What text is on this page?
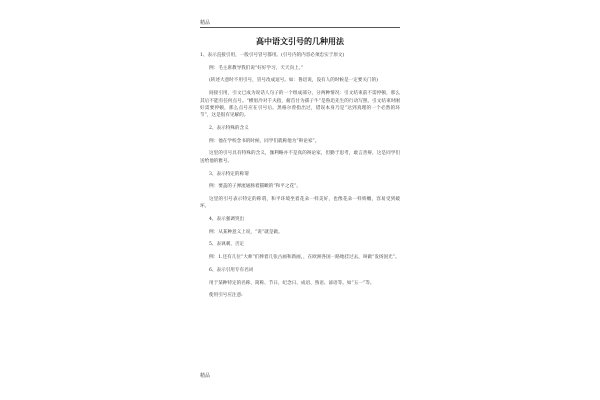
精品
高中语文引号的几种用法
1、表示直接引用，一般引号冒号都用。(引号内的内容必须忠实于原文)
例：毛主席教导我们说“好好学习，天天向上。”
(转述大意时不用引号，冒号改成逗号。如：鲁迅说，没有人的时候是一定要关门的)
间接引用，引文已成为说话人句子的一个组成部分，分两种情况：引文结束前不需停顿，那么其后不能有任何点号。“横眉冷对千夫指，俯首甘为孺子牛”是鲁迅先生的行动写照。引文结束时刚好需要停顿，那么点号应在引号后。黑格尔曾指出过，错误本身乃是“达到真理的一个必然的环节”，这是很有见解的。
2、表示特殊的含义
例：他在学校念书的时候，同学们就称他为“辩论家”。
这里的引号具有特殊的含义，伽利略并不是真的辩论家，但勤于思考，敢言善辩，这是同学们送给他的雅号。
3、表示特定的称谓
例：要盖的子弹流通肠着猫瞰的“和平之花”。
这里的引号表示特定的称谓，和平环境坐着花朵一样美好，也像花朵一样娇嫩，容易受到破坏。
4、表示强调突出
例：从某种意义上说，“说”就是做。
5、表讽刺、否定
例：1.还有几位“大师”们捧着几张古画和新画，，在欧洲各国一路地挂过去，叫做“发扬国光”。
6、表示引用专有名词
用于某种特定的名称、简称、节日、纪念日、成语、熟语、谚语等。如“五一”等。
使用引号应注意:
精品
